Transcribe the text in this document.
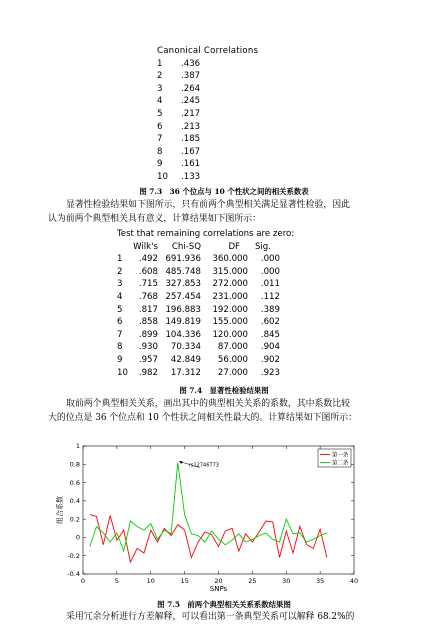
Canonical Correlations
1	.436
2	.387
3	.264
4	.245
5	.217
6	.213
7	.185
8	.167
9	.161
10	.133
图 7.3　36 个位点与 10 个性状之间的相关系数表
显著性检验结果如下图所示，只有前两个典型相关满足显著性检验，因此
认为前两个典型相关具有意义，计算结果如下图所示：
Test that remaining correlations are zero:
Wilk's Chi-SQ	DF Sig.
1 .492 691.936 360.000 .000
2 .608 485.748 315.000 .000
3 .715 327.853 272.000 .011
4 .768 257.454 231.000 .112
5 .817 196.883 192.000 .389
6 .858 149.819 155.000 .602
7 .899 104.336 120.000 .845
8 .930 70.334 87.000 .904
9 .957 42.849 56.000 .902
10 .982 17.312 27.000 .923
图 7.4　显著性检验结果图
取前两个典型相关关系，画出其中的典型相关关系的系数，其中系数比较
大的位点是 36 个位点和 10 个性状之间相关性最大的。计算结果如下图所示：
0	5	10	15	20	25	30	35	40
-0.4
-0.2
0
0.2
0.4
0.6
0.8
1
SNPs
组合系数
rs12746773
第一条
第二条
图 7.5　前两个典型相关关系系数结果图
采用冗余分析进行方差解释，可以看出第一条典型关系可以解释 68.2%的
